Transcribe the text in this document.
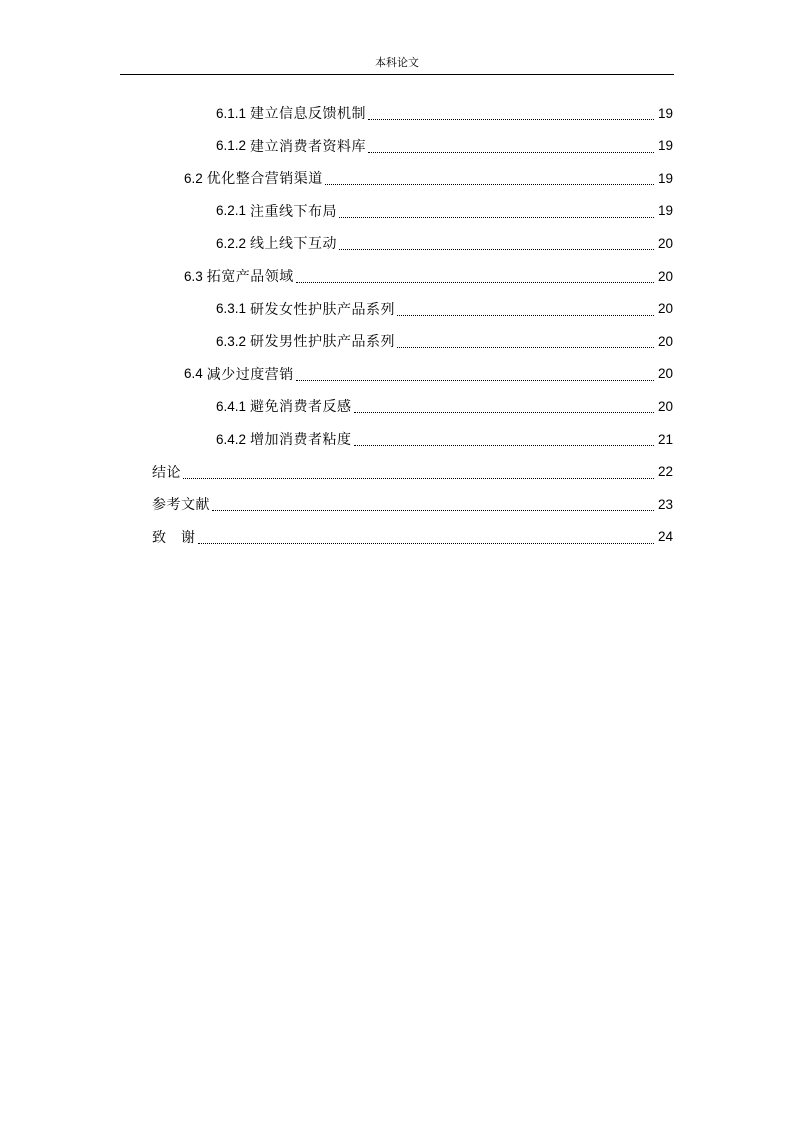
本科论文
6.1.1 建立信息反馈机制	19
6.1.2 建立消费者资料库	19
6.2 优化整合营销渠道	19
6.2.1 注重线下布局	19
6.2.2 线上线下互动	20
6.3 拓宽产品领域	20
6.3.1 研发女性护肤产品系列	20
6.3.2 研发男性护肤产品系列	20
6.4 减少过度营销	20
6.4.1 避免消费者反感	20
6.4.2 增加消费者粘度	21
结论	22
参考文献	23
致　谢	24
